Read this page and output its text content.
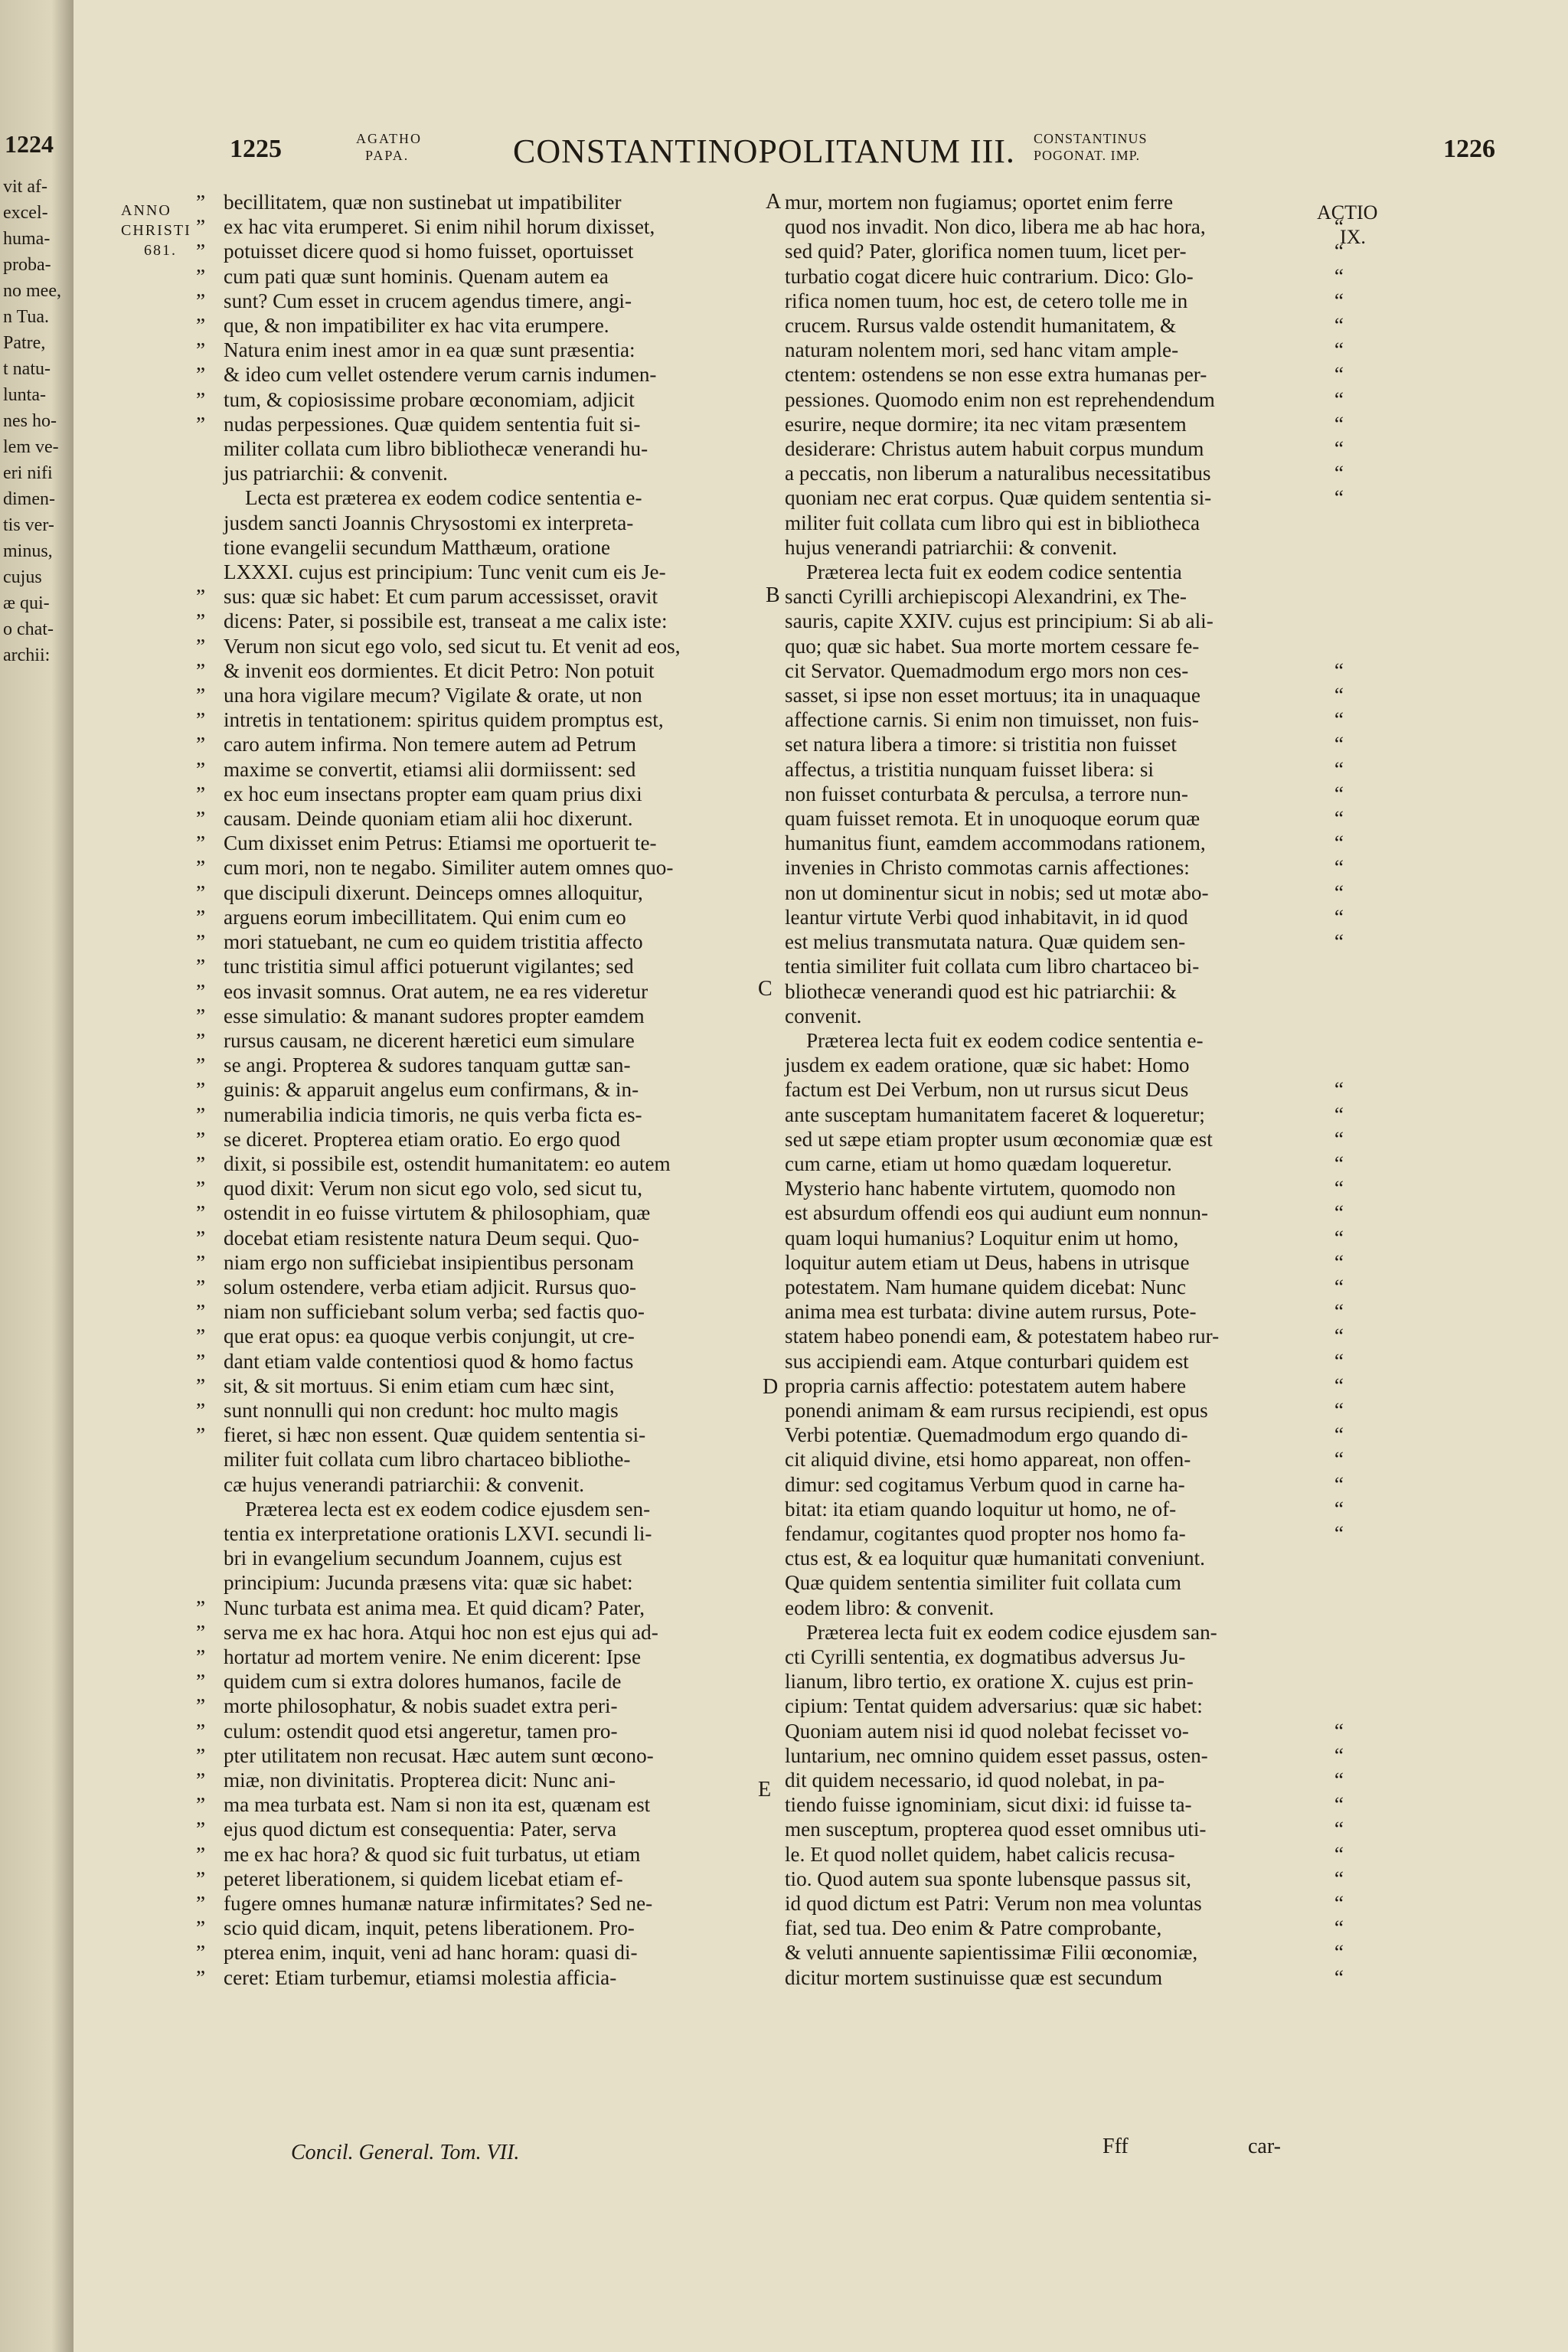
1224
vit af-
excel-
huma-
proba-
no mee,
n Tua.
Patre,
t natu-
lunta-
nes ho-
lem ve-
eri nifi
dimen-
tis ver-
minus,
cujus
æ qui-
o chat-
archii:
1225	AGATHO
PAPA.	CONSTANTINOPOLITANUM III. CONSTANTINUS
POGONAT. IMP.	1226
ANNO
CHRISTI
681.
ACTIO
IX.
A
B
C
D
E

” becillitatem, quæ non sustinebat ut impatibiliter

” ex hac vita erumperet. Si enim nihil horum dixisset,

” potuisset dicere quod si homo fuisset, oportuisset

” cum pati quæ sunt hominis. Quenam autem ea

” sunt? Cum esset in crucem agendus timere, angi-

” que, & non impatibiliter ex hac vita erumpere.

” Natura enim inest amor in ea quæ sunt præsentia:

” & ideo cum vellet ostendere verum carnis indumen-

” tum, & copiosissime probare œconomiam, adjicit

” nudas perpessiones. Quæ quidem sententia fuit si-

militer collata cum libro bibliothecæ venerandi hu-

jus patriarchii: & convenit.

Lecta est præterea ex eodem codice sententia e-

jusdem sancti Joannis Chrysostomi ex interpreta-

tione evangelii secundum Matthæum, oratione

LXXXI. cujus est principium: Tunc venit cum eis Je-

” sus: quæ sic habet: Et cum parum accessisset, oravit

” dicens: Pater, si possibile est, transeat a me calix iste:

” Verum non sicut ego volo, sed sicut tu. Et venit ad eos,

” & invenit eos dormientes. Et dicit Petro: Non potuit

” una hora vigilare mecum? Vigilate & orate, ut non

” intretis in tentationem: spiritus quidem promptus est,

” caro autem infirma. Non temere autem ad Petrum

” maxime se convertit, etiamsi alii dormiissent: sed

” ex hoc eum insectans propter eam quam prius dixi

” causam. Deinde quoniam etiam alii hoc dixerunt.

” Cum dixisset enim Petrus: Etiamsi me oportuerit te-

” cum mori, non te negabo. Similiter autem omnes quo-

” que discipuli dixerunt. Deinceps omnes alloquitur,

” arguens eorum imbecillitatem. Qui enim cum eo

” mori statuebant, ne cum eo quidem tristitia affecto

” tunc tristitia simul affici potuerunt vigilantes; sed

” eos invasit somnus. Orat autem, ne ea res videretur

” esse simulatio: & manant sudores propter eamdem

” rursus causam, ne dicerent hæretici eum simulare

” se angi. Propterea & sudores tanquam guttæ san-

” guinis: & apparuit angelus eum confirmans, & in-

” numerabilia indicia timoris, ne quis verba ficta es-

” se diceret. Propterea etiam oratio. Eo ergo quod

” dixit, si possibile est, ostendit humanitatem: eo autem

” quod dixit: Verum non sicut ego volo, sed sicut tu,

” ostendit in eo fuisse virtutem & philosophiam, quæ

” docebat etiam resistente natura Deum sequi. Quo-

” niam ergo non sufficiebat insipientibus personam

” solum ostendere, verba etiam adjicit. Rursus quo-

” niam non sufficiebant solum verba; sed factis quo-

” que erat opus: ea quoque verbis conjungit, ut cre-

” dant etiam valde contentiosi quod & homo factus

” sit, & sit mortuus. Si enim etiam cum hæc sint,

” sunt nonnulli qui non credunt: hoc multo magis

” fieret, si hæc non essent. Quæ quidem sententia si-

militer fuit collata cum libro chartaceo bibliothe-

cæ hujus venerandi patriarchii: & convenit.

Præterea lecta est ex eodem codice ejusdem sen-

tentia ex interpretatione orationis LXVI. secundi li-

bri in evangelium secundum Joannem, cujus est

principium: Jucunda præsens vita: quæ sic habet:

” Nunc turbata est anima mea. Et quid dicam? Pater,

” serva me ex hac hora. Atqui hoc non est ejus qui ad-

” hortatur ad mortem venire. Ne enim dicerent: Ipse

” quidem cum si extra dolores humanos, facile de

” morte philosophatur, & nobis suadet extra peri-

” culum: ostendit quod etsi angeretur, tamen pro-

” pter utilitatem non recusat. Hæc autem sunt œcono-

” miæ, non divinitatis. Propterea dicit: Nunc ani-

” ma mea turbata est. Nam si non ita est, quænam est

” ejus quod dictum est consequentia: Pater, serva

” me ex hac hora? & quod sic fuit turbatus, ut etiam

” peteret liberationem, si quidem licebat etiam ef-

” fugere omnes humanæ naturæ infirmitates? Sed ne-

” scio quid dicam, inquit, petens liberationem. Pro-

” pterea enim, inquit, veni ad hanc horam: quasi di-

” ceret: Etiam turbemur, etiamsi molestia afficia-

mur, mortem non fugiamus; oportet enim ferre

quod nos invadit. Non dico, libera me ab hac hora, “

sed quid? Pater, glorifica nomen tuum, licet per- “

turbatio cogat dicere huic contrarium. Dico: Glo- “

rifica nomen tuum, hoc est, de cetero tolle me in “

crucem. Rursus valde ostendit humanitatem, & “

naturam nolentem mori, sed hanc vitam ample- “

ctentem: ostendens se non esse extra humanas per- “

pessiones. Quomodo enim non est reprehendendum “

esurire, neque dormire; ita nec vitam præsentem “

desiderare: Christus autem habuit corpus mundum “

a peccatis, non liberum a naturalibus necessitatibus “

quoniam nec erat corpus. Quæ quidem sententia si- “

militer fuit collata cum libro qui est in bibliotheca

hujus venerandi patriarchii: & convenit.

Præterea lecta fuit ex eodem codice sententia

sancti Cyrilli archiepiscopi Alexandrini, ex The-

sauris, capite XXIV. cujus est principium: Si ab ali-

quo; quæ sic habet. Sua morte mortem cessare fe-

cit Servator. Quemadmodum ergo mors non ces- “

sasset, si ipse non esset mortuus; ita in unaquaque “

affectione carnis. Si enim non timuisset, non fuis- “

set natura libera a timore: si tristitia non fuisset “

affectus, a tristitia nunquam fuisset libera: si “

non fuisset conturbata & perculsa, a terrore nun- “

quam fuisset remota. Et in unoquoque eorum quæ “

humanitus fiunt, eamdem accommodans rationem, “

invenies in Christo commotas carnis affectiones: “

non ut dominentur sicut in nobis; sed ut motæ abo- “

leantur virtute Verbi quod inhabitavit, in id quod “

est melius transmutata natura. Quæ quidem sen- “

tentia similiter fuit collata cum libro chartaceo bi-

bliothecæ venerandi quod est hic patriarchii: &

convenit.

Præterea lecta fuit ex eodem codice sententia e-

jusdem ex eadem oratione, quæ sic habet: Homo

factum est Dei Verbum, non ut rursus sicut Deus “

ante susceptam humanitatem faceret & loqueretur; “

sed ut sæpe etiam propter usum œconomiæ quæ est “

cum carne, etiam ut homo quædam loqueretur. “

Mysterio hanc habente virtutem, quomodo non “

est absurdum offendi eos qui audiunt eum nonnun- “

quam loqui humanius? Loquitur enim ut homo, “

loquitur autem etiam ut Deus, habens in utrisque “

potestatem. Nam humane quidem dicebat: Nunc “

anima mea est turbata: divine autem rursus, Pote- “

statem habeo ponendi eam, & potestatem habeo rur- “

sus accipiendi eam. Atque conturbari quidem est “

propria carnis affectio: potestatem autem habere “

ponendi animam & eam rursus recipiendi, est opus “

Verbi potentiæ. Quemadmodum ergo quando di- “

cit aliquid divine, etsi homo appareat, non offen- “

dimur: sed cogitamus Verbum quod in carne ha- “

bitat: ita etiam quando loquitur ut homo, ne of- “

fendamur, cogitantes quod propter nos homo fa- “

ctus est, & ea loquitur quæ humanitati conveniunt.

Quæ quidem sententia similiter fuit collata cum

eodem libro: & convenit.

Præterea lecta fuit ex eodem codice ejusdem san-

cti Cyrilli sententia, ex dogmatibus adversus Ju-

lianum, libro tertio, ex oratione X. cujus est prin-

cipium: Tentat quidem adversarius: quæ sic habet:

Quoniam autem nisi id quod nolebat fecisset vo- “

luntarium, nec omnino quidem esset passus, osten- “

dit quidem necessario, id quod nolebat, in pa- “

tiendo fuisse ignominiam, sicut dixi: id fuisse ta- “

men susceptum, propterea quod esset omnibus uti- “

le. Et quod nollet quidem, habet calicis recusa- “

tio. Quod autem sua sponte lubensque passus sit, “

id quod dictum est Patri: Verum non mea voluntas “

fiat, sed tua. Deo enim & Patre comprobante, “

& veluti annuente sapientissimæ Filii œconomiæ, “

dicitur mortem sustinuisse quæ est secundum “

Concil. General. Tom. VII.	Fff	car-
